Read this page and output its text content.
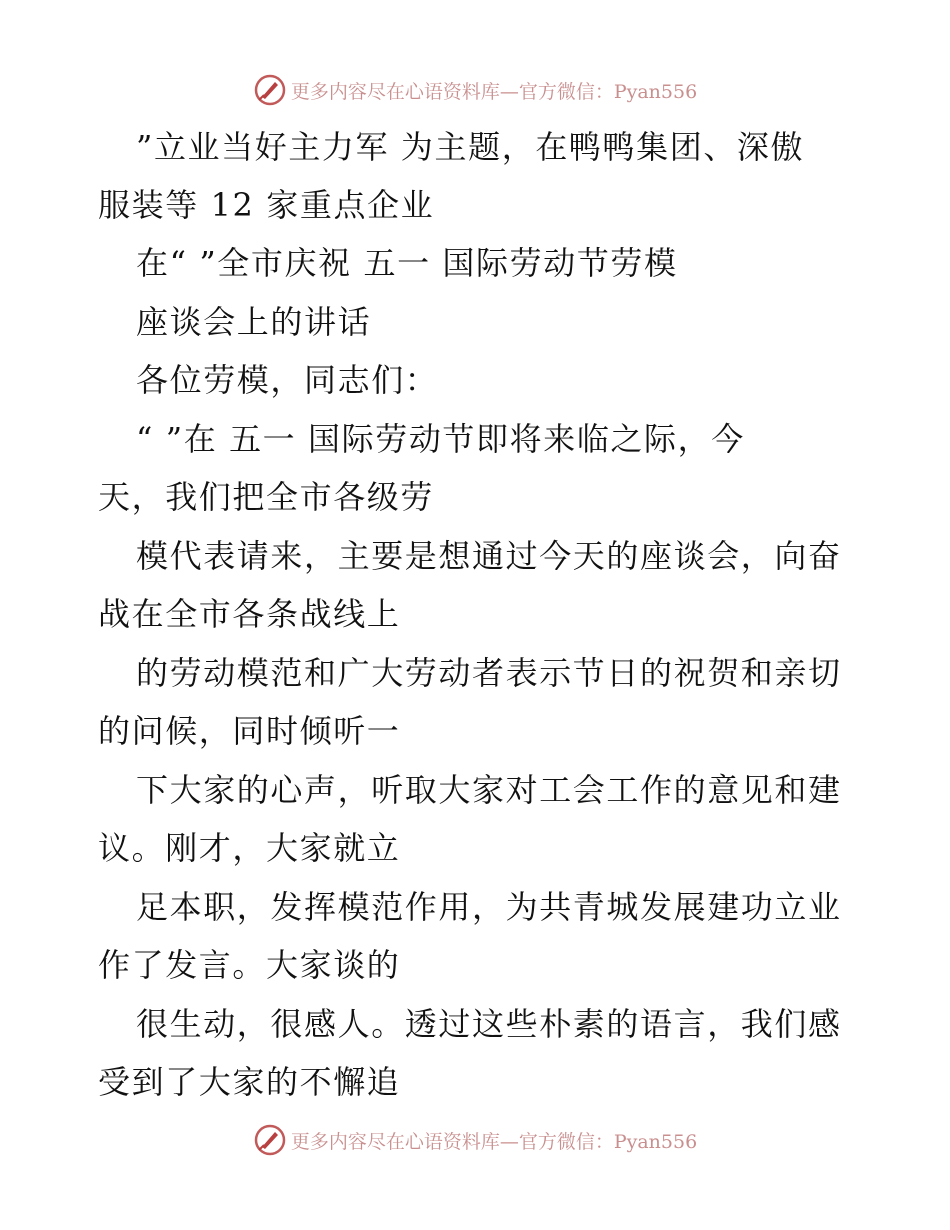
更多内容尽在心语资料库—官方微信：Pyan556
”立业当好主力军 为主题，在鸭鸭集团、深傲
服装等 12 家重点企业
在“ ”全市庆祝 五一 国际劳动节劳模
座谈会上的讲话
各位劳模，同志们：
“ ”在 五一 国际劳动节即将来临之际，今
天，我们把全市各级劳
模代表请来，主要是想通过今天的座谈会，向奋
战在全市各条战线上
的劳动模范和广大劳动者表示节日的祝贺和亲切
的问候，同时倾听一
下大家的心声，听取大家对工会工作的意见和建
议。刚才，大家就立
足本职，发挥模范作用，为共青城发展建功立业
作了发言。大家谈的
很生动，很感人。透过这些朴素的语言，我们感
受到了大家的不懈追
更多内容尽在心语资料库—官方微信：Pyan556
